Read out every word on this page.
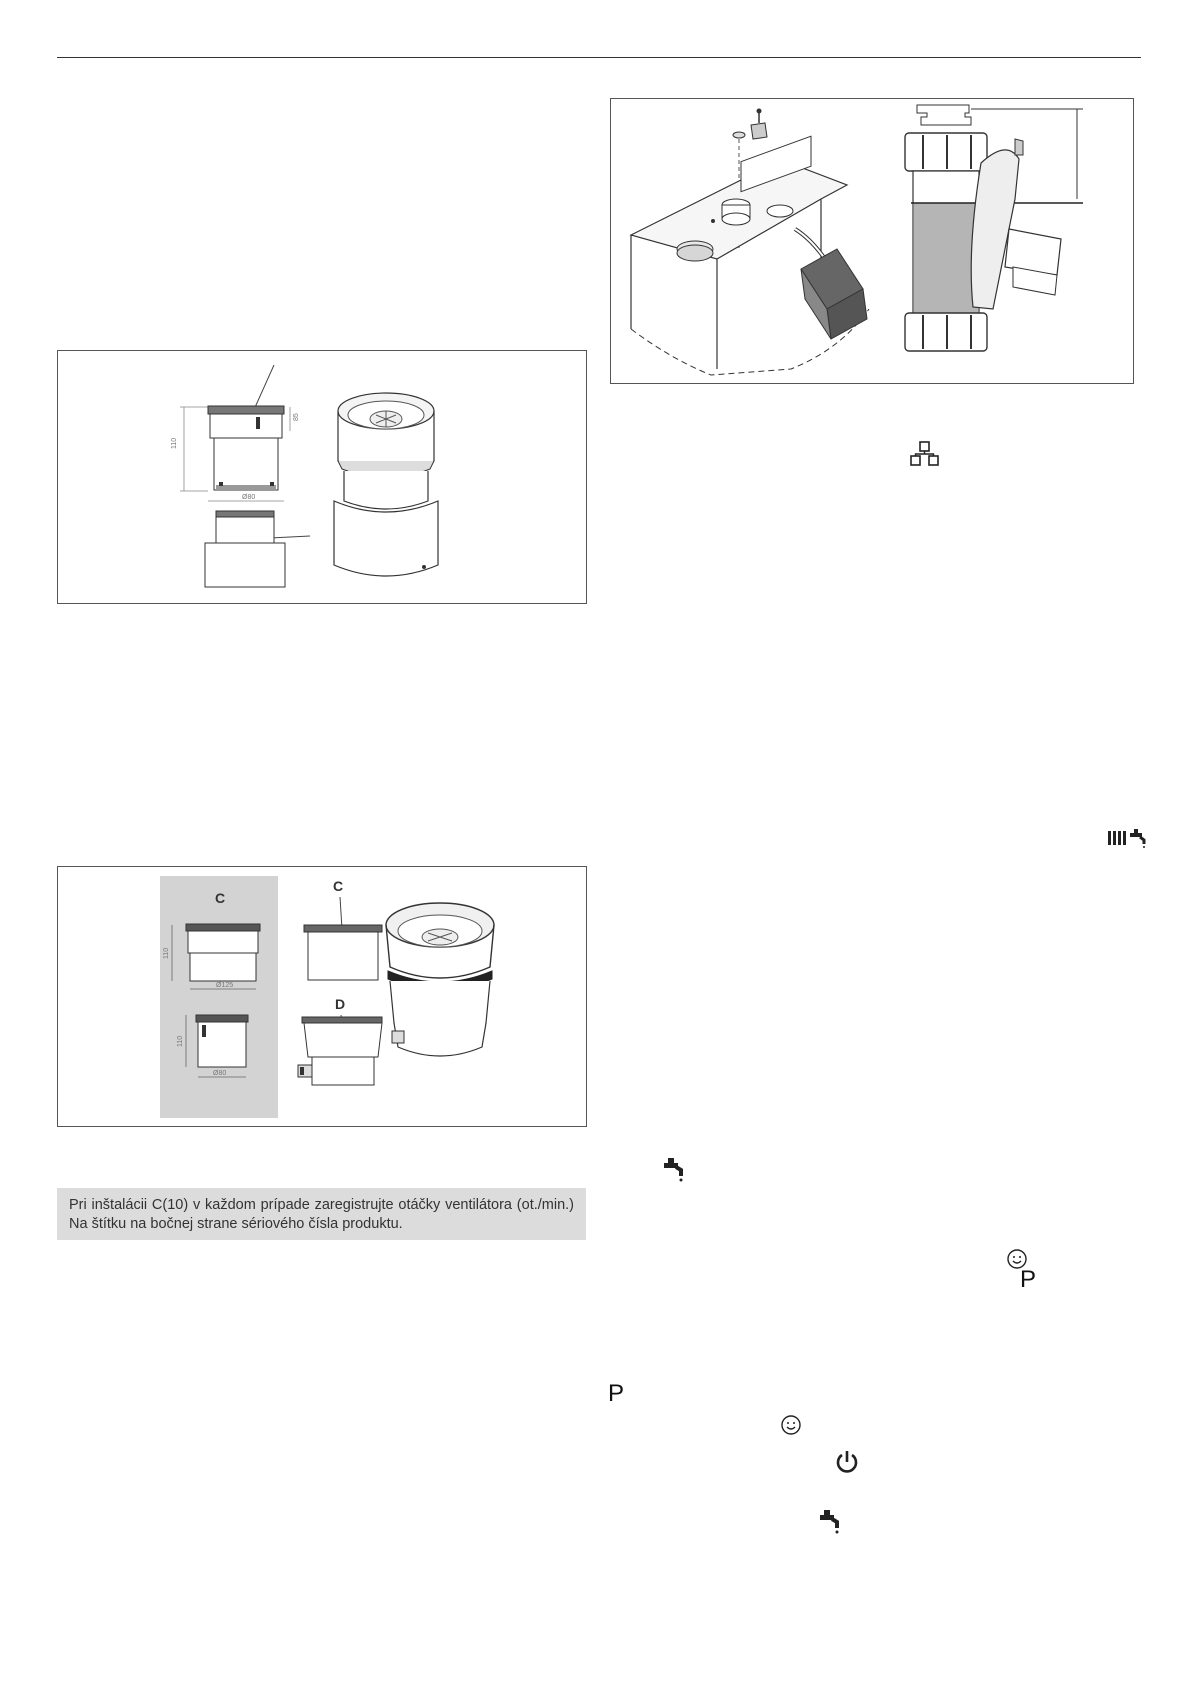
110
85
Ø80
C
110
Ø125
110
Ø80
C
D
Pri inštalácii C(10) v každom prípade zaregistrujte otáčky ventilátora (ot./min.) Na štítku na bočnej strane sériového čísla produktu.
P
P
